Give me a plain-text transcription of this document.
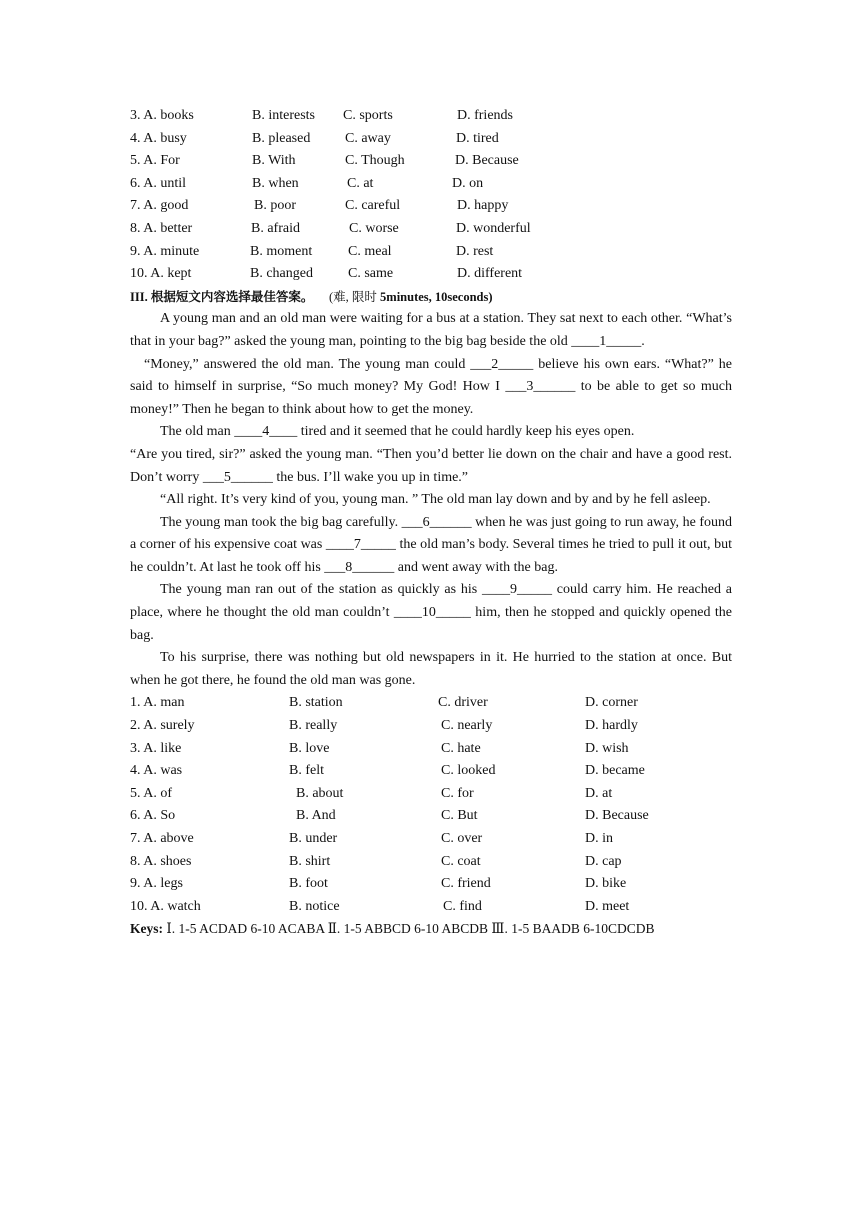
3. A. books	B. interests C. sports	D. friends
4. A. busy	B. pleased C. away	D. tired
5. A. For	B. With	C. Though	D. Because
6. A. until	B. when	C. at	D. on
7. A. good	B. poor	C. careful	D. happy
8. A. better	B. afraid	C. worse	D. wonderful
9. A. minute	B. moment	C. meal	D. rest
10. A. kept	B. changed	C. same	D. different
III. 根据短文内容选择最佳答案。 (难, 限时 5minutes, 10seconds)

A young man and an old man were waiting for a bus at a station. They sat next to each other. “What’s that in your bag?” asked the young man, pointing to the big bag beside the old ____1_____.

“Money,” answered the old man. The young man could ___2_____ believe his own ears. “What?” he said to himself in surprise, “So much money? My God! How I ___3______ to be able to get so much money!” Then he began to think about how to get the money.

The old man ____4____ tired and it seemed that he could hardly keep his eyes open.

“Are you tired, sir?” asked the young man. “Then you’d better lie down on the chair and have a good rest. Don’t worry ___5______ the bus. I’ll wake you up in time.”

“All right. It’s very kind of you, young man. ” The old man lay down and by and by he fell asleep.

The young man took the big bag carefully. ___6______ when he was just going to run away, he found a corner of his expensive coat was ____7_____ the old man’s body. Several times he tried to pull it out, but he couldn’t. At last he took off his ___8______ and went away with the bag.

The young man ran out of the station as quickly as his ____9_____ could carry him. He reached a place, where he thought the old man couldn’t ____10_____ him, then he stopped and quickly opened the bag.

To his surprise, there was nothing but old newspapers in it. He hurried to the station at once. But when he got there, he found the old man was gone.

1. A. man	B. station	C. driver	D. corner
2. A. surely	B. really	C. nearly	D. hardly
3. A. like	B. love	C. hate	D. wish
4. A. was	B. felt	C. looked	D. became
5. A. of	B. about	C. for	D. at
6. A. So	B. And	C. But	D. Because
7. A. above	B. under	C. over	D. in
8. A. shoes	B. shirt	C. coat	D. cap
9. A. legs	B. foot	C. friend	D. bike
10. A. watch	B. notice	C. find	D. meet

Keys: Ⅰ. 1-5 ACDAD 6-10 ACABA Ⅱ. 1-5 ABBCD 6-10 ABCDB Ⅲ. 1-5 BAADB 6-10CDCDB
